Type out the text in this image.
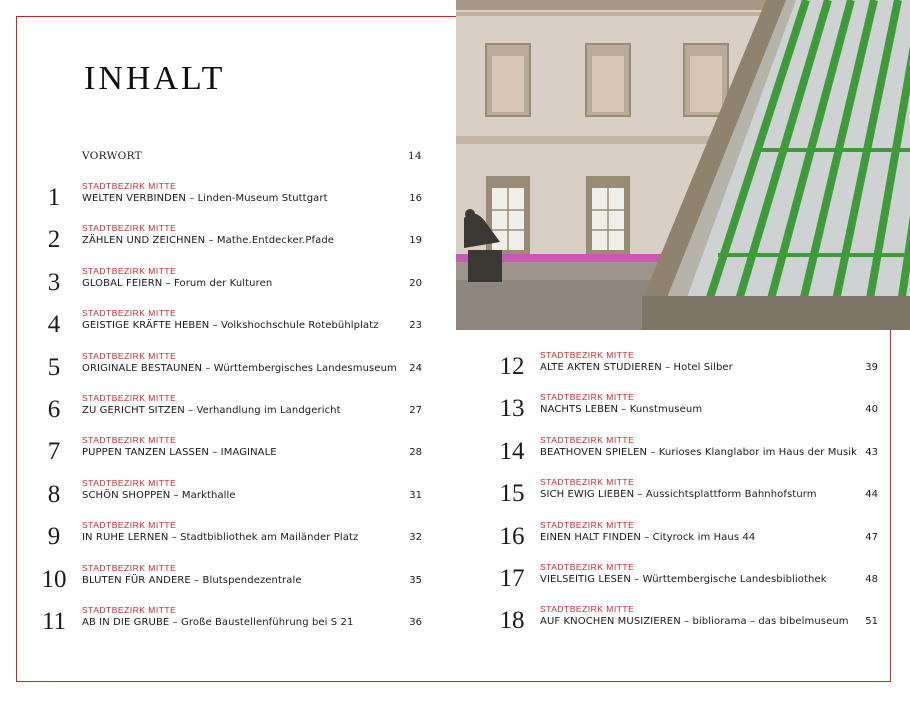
INHALT
VORWORT	14
1	STADTBEZIRK MITTE
WELTEN VERBINDEN – Linden-Museum Stuttgart	16
2	STADTBEZIRK MITTE
ZÄHLEN UND ZEICHNEN – Mathe.Entdecker.Pfade	19
3	STADTBEZIRK MITTE
GLOBAL FEIERN – Forum der Kulturen	20
4	STADTBEZIRK MITTE
GEISTIGE KRÄFTE HEBEN – Volkshochschule Rotebühlplatz	23
5	STADTBEZIRK MITTE
ORIGINALE BESTAUNEN – Württembergisches Landesmuseum	24
6	STADTBEZIRK MITTE
ZU GERICHT SITZEN – Verhandlung im Landgericht	27
7	STADTBEZIRK MITTE
PUPPEN TANZEN LASSEN – IMAGINALE	28
8	STADTBEZIRK MITTE
SCHÖN SHOPPEN – Markthalle	31
9	STADTBEZIRK MITTE
IN RUHE LERNEN – Stadtbibliothek am Mailänder Platz	32
10	STADTBEZIRK MITTE
BLUTEN FÜR ANDERE – Blutspendezentrale	35
11	STADTBEZIRK MITTE
AB IN DIE GRUBE – Große Baustellenführung bei S 21	36
12	STADTBEZIRK MITTE
ALTE AKTEN STUDIEREN – Hotel Silber	39
13	STADTBEZIRK MITTE
NACHTS LEBEN – Kunstmuseum	40
14	STADTBEZIRK MITTE
BEATHOVEN SPIELEN – Kurioses Klanglabor im Haus der Musik 43
15	STADTBEZIRK MITTE
SICH EWIG LIEBEN – Aussichtsplattform Bahnhofsturm	44
16	STADTBEZIRK MITTE
EINEN HALT FINDEN – Cityrock im Haus 44	47
17	STADTBEZIRK MITTE
VIELSEITIG LESEN – Württembergische Landesbibliothek	48
18	STADTBEZIRK MITTE
AUF KNOCHEN MUSIZIEREN – bibliorama – das bibelmuseum	51
